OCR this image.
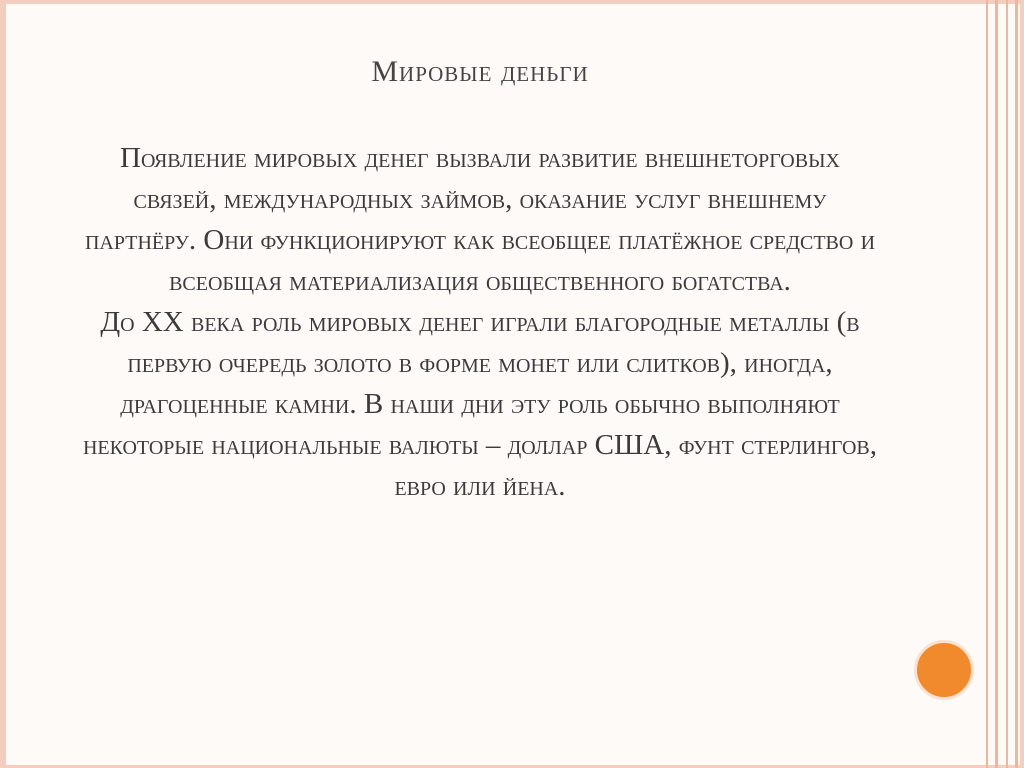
Мировые деньги

Появление мировых денег вызвали развитие внешнеторговых связей, международных займов, оказание услуг внешнему партнёру. Они функционируют как всеобщее платёжное средство и всеобщая материализация общественного богатства.

До XX века роль мировых денег играли благородные металлы (в первую очередь золото в форме монет или слитков), иногда, драгоценные камни. В наши дни эту роль обычно выполняют некоторые национальные валюты – доллар США, фунт стерлингов, евро или йена.
